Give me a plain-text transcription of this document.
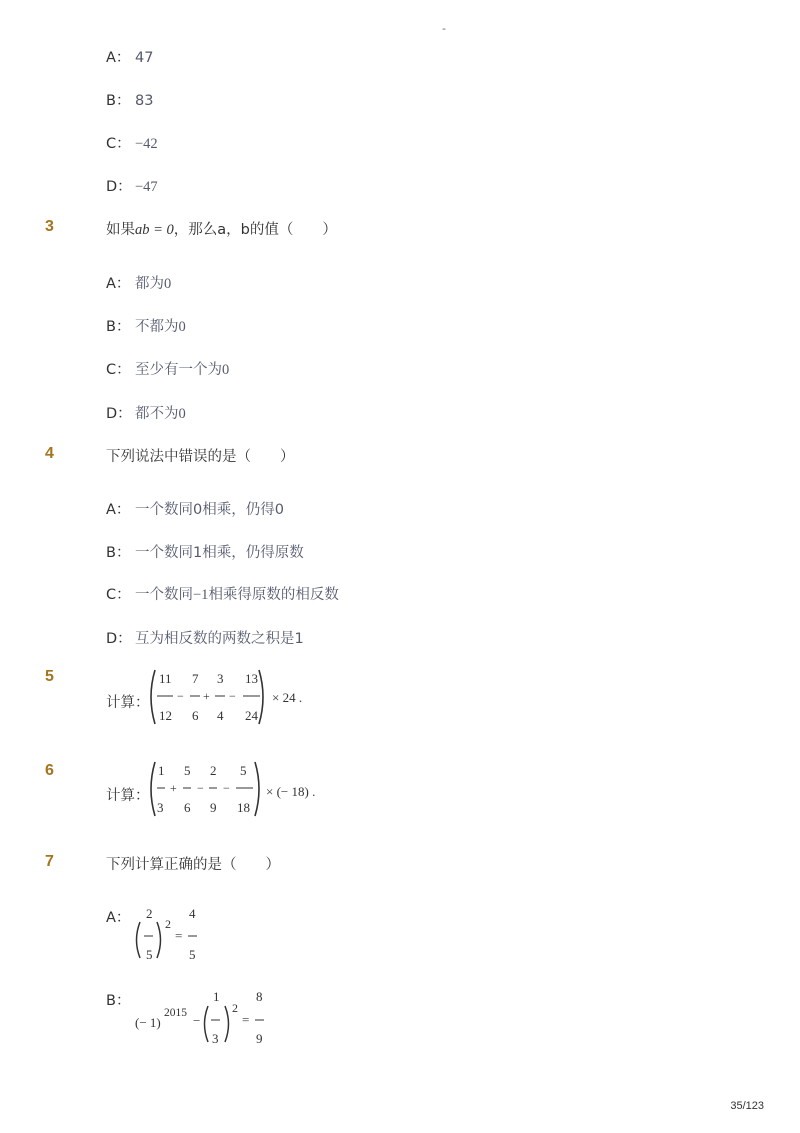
-
A： 47
B： 83
C： −42
D： −47
3	如果ab = 0，那么a，b的值（　　）
A： 都为0
B： 不都为0
C： 至少有一个为0
D： 都不为0
4	下列说法中错误的是（　　）
A： 一个数同0相乘，仍得0
B： 一个数同1相乘，仍得原数
C： 一个数同−1相乘得原数的相反数
D： 互为相反数的两数之积是1
5
计算：
11
12
−
7
6
+
3
4
−
13
24
× 24 .
6
计算：
1
3
+
5
6
−
2
9
−
5
18
× (− 18) .
7	下列计算正确的是（　　）
A：	2
5
2
=
4
5
B：
(− 1)
2015 −
1
3
2
=
8
9
35/123
